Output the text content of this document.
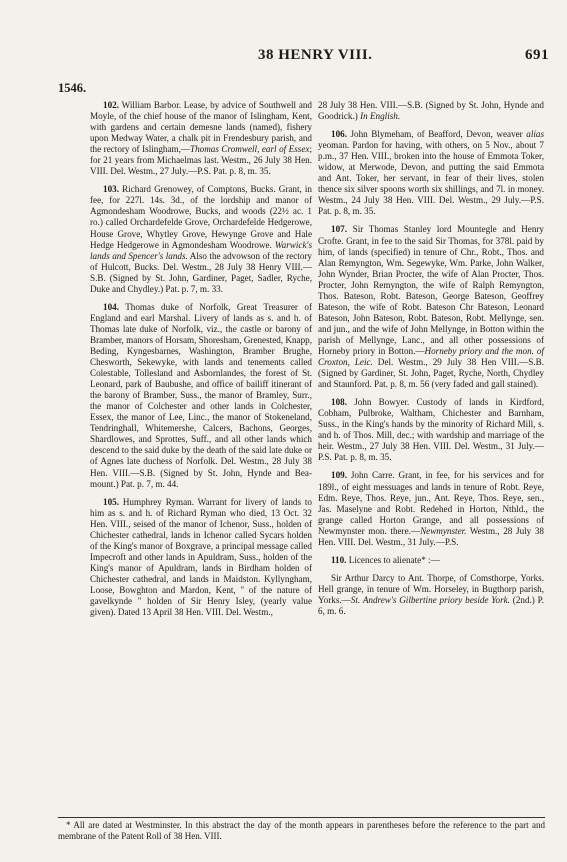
38 HENRY VIII.	691
1546.

102. William Barbor. Lease, by advice of Southwell and Moyle, of the chief house of the manor of Islingham, Kent, with gardens and certain demesne lands (named), fishery upon Medway Water, a chalk pit in Frendesbury parish, and the rectory of Islingham,—Thomas Cromwell, earl of Essex; for 21 years from Michaelmas last. Westm., 26 July 38 Hen. VIII. Del. Westm., 27 July.—P.S. Pat. p. 8, m. 35.

103. Richard Grenowey, of Comptons, Bucks. Grant, in fee, for 227l. 14s. 3d., of the lordship and manor of Agmondesham Woodrowe, Bucks, and woods (22½ ac. 1 ro.) called Orchardefelde Grove, Orchardefelde Hedgerowe, House Grove, Whytley Grove, Hewynge Grove and Hale Hedge Hedgerowe in Agmondesham Woodrowe. Warwick's lands and Spencer's lands. Also the advowson of the rectory of Hulcott, Bucks. Del. Westm., 28 July 38 Henry VIII.—S.B. (Signed by St. John, Gardiner, Paget, Sadler, Ryche, Duke and Chydley.) Pat. p. 7, m. 33.

104. Thomas duke of Norfolk, Great Treasurer of England and earl Marshal. Livery of lands as s. and h. of Thomas late duke of Norfolk, viz., the castle or barony of Bramber, manors of Horsam, Shoresham, Grenested, Knapp, Beding, Kyngesbarnes, Washington, Bramber Brughe, Chesworth, Sekewyke, with lands and tenements called Colestable, Tollesland and Asbornlandes, the forest of St. Leonard, park of Baubushe, and office of bailiff itinerant of the barony of Bramber, Suss., the manor of Bramley, Surr., the manor of Colchester and other lands in Colchester, Essex, the manor of Lee, Linc., the manor of Stokeneland, Tendringhall, Whitemershe, Calcers, Bachons, Georges, Shardlowes, and Sprottes, Suff., and all other lands which descend to the said duke by the death of the said late duke or of Agnes late duchess of Norfolk. Del. Westm., 28 July 38 Hen. VIII.—S.B. (Signed by St. John, Hynde and Beamount.) Pat. p. 7, m. 44.

105. Humphrey Ryman. Warrant for livery of lands to him as s. and h. of Richard Ryman who died, 13 Oct. 32 Hen. VIII., seised of the manor of Ichenor, Suss., holden of Chichester cathedral, lands in Ichenor called Sycars holden of the King's manor of Boxgrave, a principal message called Impecroft and other lands in Apuldram, Suss., holden of the King's manor of Apuldram, lands in Birdham holden of Chichester cathedral, and lands in Maidston. Kyllyngham, Loose, Bowghton and Mardon, Kent, " of the nature of gavelkynde " holden of Sir Henry Isley, (yearly value given). Dated 13 April 38 Hen. VIII. Del. Westm.,

28 July 38 Hen. VIII.—S.B. (Signed by St. John, Hynde and Goodrick.) In English.

106. John Blymeham, of Beafford, Devon, weaver alias yeoman. Pardon for having, with others, on 5 Nov., about 7 p.m., 37 Hen. VIII., broken into the house of Emmota Toker, widow, at Merwode, Devon, and putting the said Emmota and Ant. Toker, her servant, in fear of their lives, stolen thence six silver spoons worth six shillings, and 7l. in money. Westm., 24 July 38 Hen. VIII. Del. Westm., 29 July.—P.S. Pat. p. 8, m. 35.

107. Sir Thomas Stanley lord Mountegle and Henry Crofte. Grant, in fee to the said Sir Thomas, for 378l. paid by him, of lands (specified) in tenure of Chr., Robt., Thos. and Alan Remyngton, Wm. Segewyke, Wm. Parke, John Walker, John Wynder, Brian Procter, the wife of Alan Procter, Thos. Procter, John Remyngton, the wife of Ralph Remyngton, Thos. Bateson, Robt. Bateson, George Bateson, Geoffrey Bateson, the wife of Robt. Bateson Chr Bateson, Leonard Bateson, John Bateson, Robt. Bateson, Robt. Mellynge, sen. and jun., and the wife of John Mellynge, in Botton within the parish of Mellynge, Lanc., and all other possessions of Horneby priory in Botton.—Horneby priory and the mon. of Croxton, Leic. Del. Westm., 29 July 38 Hen VIII.—S.B. (Signed by Gardiner, St. John, Paget, Ryche, North, Chydley and Staunford. Pat. p. 8, m. 56 (very faded and gall stained).

108. John Bowyer. Custody of lands in Kirdford, Cobham, Pulbroke, Waltham, Chichester and Barnham, Suss., in the King's hands by the minority of Richard Mill, s. and h. of Thos. Mill, dec.; with wardship and marriage of the heir. Westm., 27 July 38 Hen. VIII. Del. Westm., 31 July.—P.S. Pat. p. 8, m. 35.

109. John Carre. Grant, in fee, for his services and for 189l., of eight messuages and lands in tenure of Robt. Reye, Edm. Reye, Thos. Reye, jun., Ant. Reye, Thos. Reye, sen., Jas. Maselyne and Robt. Redehed in Horton, Nthld., the grange called Horton Grange, and all possessions of Newmynster mon. there.—Newmynster. Westm., 28 July 38 Hen. VIII. Del. Westm., 31 July.—P.S.

110. Licences to alienate* :—

Sir Arthur Darcy to Ant. Thorpe, of Comsthorpe, Yorks. Hell grange, in tenure of Wm. Horseley, in Bugthorp parish, Yorks.—St. Andrew's Gilbertine priory beside York. (2nd.) P. 6, m. 6.

* All are dated at Westminster. In this abstract the day of the month appears in parentheses before the reference to the part and membrane of the Patent Roll of 38 Hen. VIII.
